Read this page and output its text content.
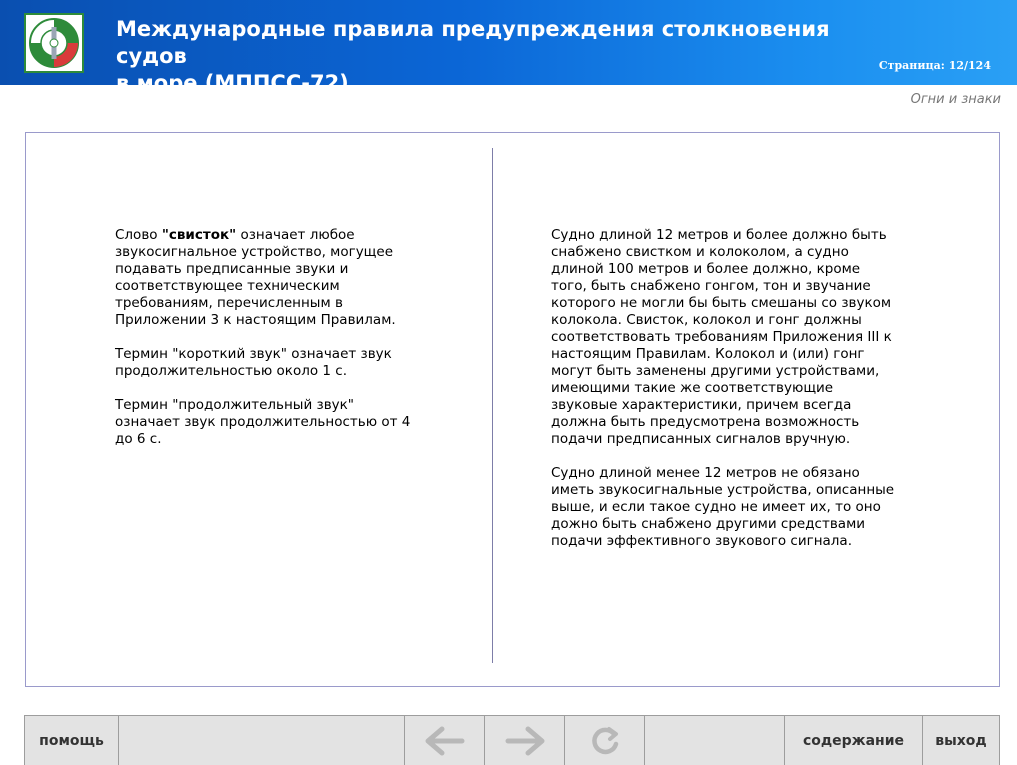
Международные правила предупреждения столкновения судов
в море (МППСС-72)
Страница: 12/124
Огни и знаки

Слово "свисток" означает любое звукосигнальное устройство, могущее подавать предписанные звуки и соответствующее техническим требованиям, перечисленным в Приложении 3 к настоящим Правилам.

Термин "короткий звук" означает звук продолжительностью около 1 с.

Термин "продолжительный звук" означает звук продолжительностью от 4 до 6 с.

Судно длиной 12 метров и более должно быть снабжено свистком и колоколом, а судно длиной 100 метров и более должно, кроме того, быть снабжено гонгом, тон и звучание которого не могли бы быть смешаны со звуком колокола. Свисток, колокол и гонг должны соответствовать требованиям Приложения III к настоящим Правилам. Колокол и (или) гонг могут быть заменены другими устройствами, имеющими такие же соответствующие звуковые характеристики, причем всегда должна быть предусмотрена возможность подачи предписанных сигналов вручную.

Судно длиной менее 12 метров не обязано иметь звукосигнальные устройства, описанные выше, и если такое судно не имеет их, то оно дожно быть снабжено другими средствами подачи эффективного звукового сигнала.

помощь	содержание	выход
